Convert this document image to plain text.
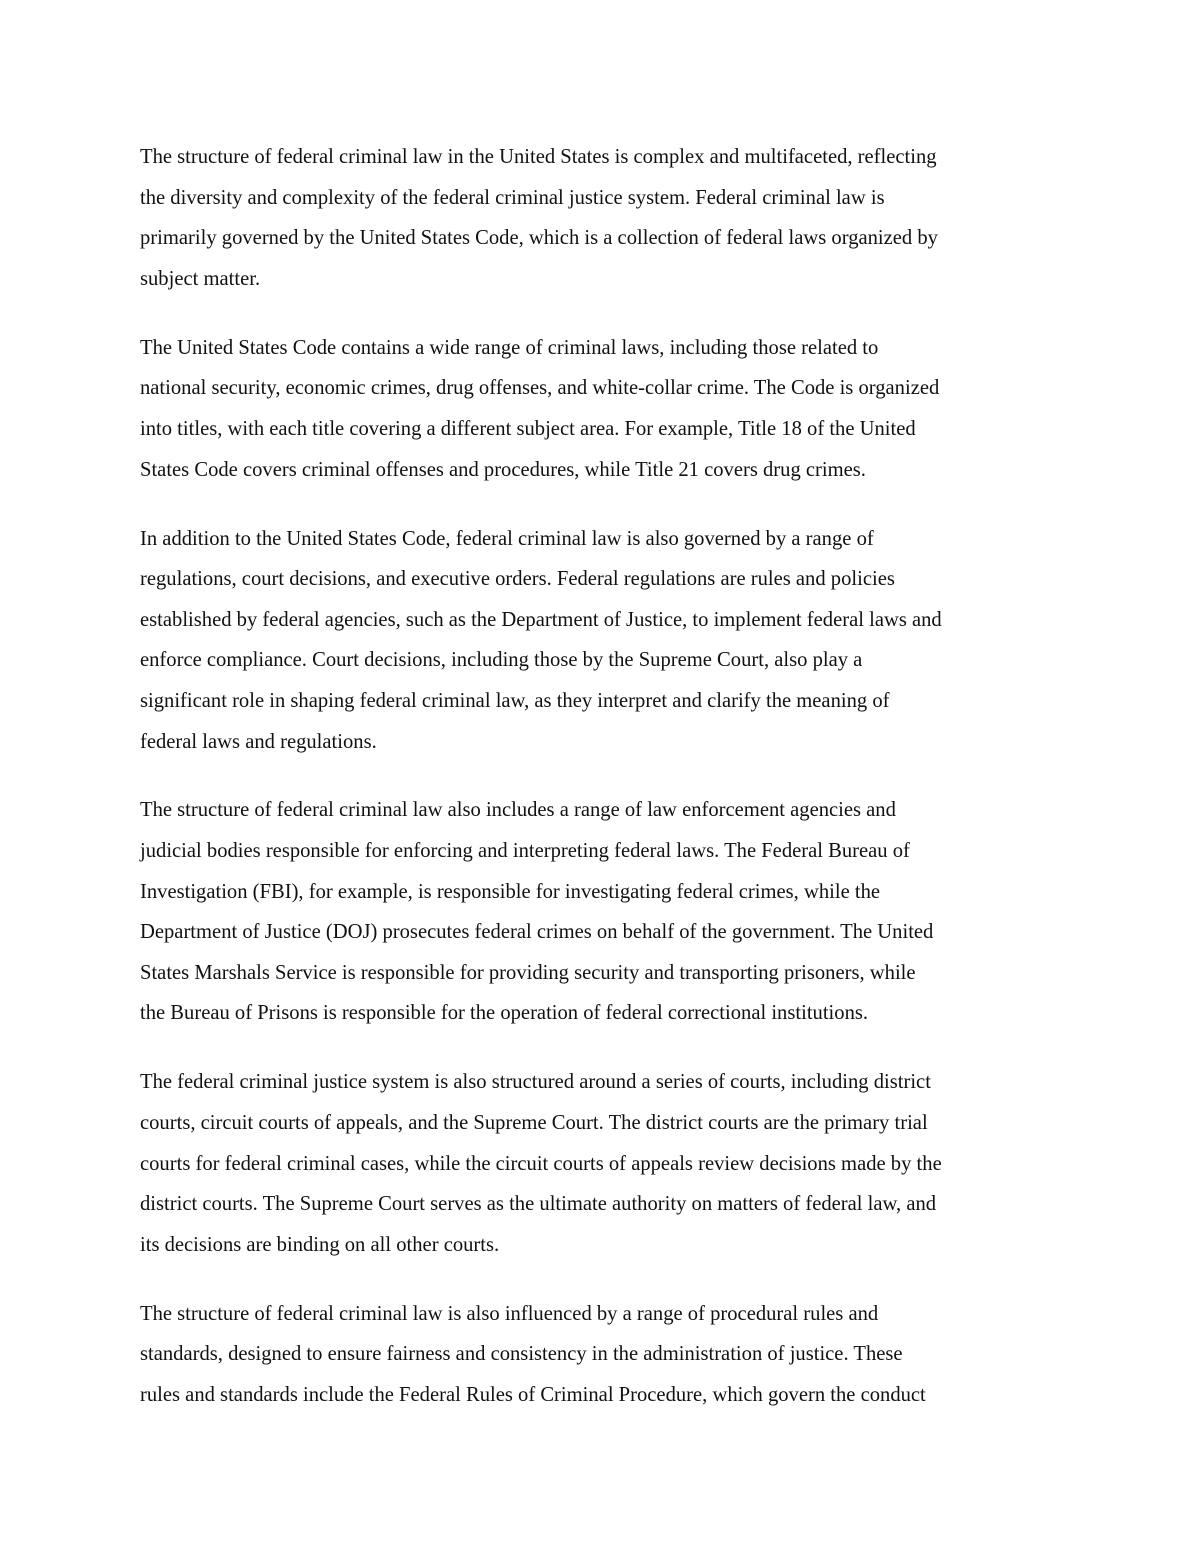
The structure of federal criminal law in the United States is complex and multifaceted, reflecting
the diversity and complexity of the federal criminal justice system. Federal criminal law is
primarily governed by the United States Code, which is a collection of federal laws organized by
subject matter.

The United States Code contains a wide range of criminal laws, including those related to
national security, economic crimes, drug offenses, and white-collar crime. The Code is organized
into titles, with each title covering a different subject area. For example, Title 18 of the United
States Code covers criminal offenses and procedures, while Title 21 covers drug crimes.

In addition to the United States Code, federal criminal law is also governed by a range of
regulations, court decisions, and executive orders. Federal regulations are rules and policies
established by federal agencies, such as the Department of Justice, to implement federal laws and
enforce compliance. Court decisions, including those by the Supreme Court, also play a
significant role in shaping federal criminal law, as they interpret and clarify the meaning of
federal laws and regulations.

The structure of federal criminal law also includes a range of law enforcement agencies and
judicial bodies responsible for enforcing and interpreting federal laws. The Federal Bureau of
Investigation (FBI), for example, is responsible for investigating federal crimes, while the
Department of Justice (DOJ) prosecutes federal crimes on behalf of the government. The United
States Marshals Service is responsible for providing security and transporting prisoners, while
the Bureau of Prisons is responsible for the operation of federal correctional institutions.

The federal criminal justice system is also structured around a series of courts, including district
courts, circuit courts of appeals, and the Supreme Court. The district courts are the primary trial
courts for federal criminal cases, while the circuit courts of appeals review decisions made by the
district courts. The Supreme Court serves as the ultimate authority on matters of federal law, and
its decisions are binding on all other courts.

The structure of federal criminal law is also influenced by a range of procedural rules and
standards, designed to ensure fairness and consistency in the administration of justice. These
rules and standards include the Federal Rules of Criminal Procedure, which govern the conduct
